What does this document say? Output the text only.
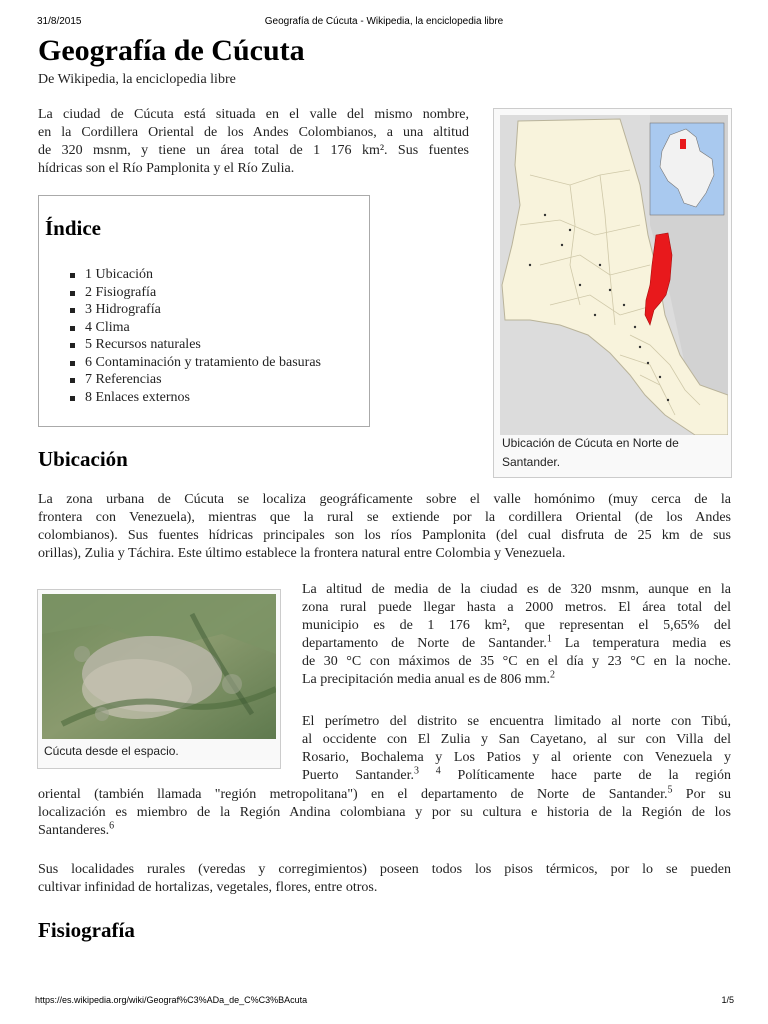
31/8/2015	Geografía de Cúcuta - Wikipedia, la enciclopedia libre
Geografía de Cúcuta
De Wikipedia, la enciclopedia libre

La ciudad de Cúcuta está situada en el valle del mismo nombre,

en la Cordillera Oriental de los Andes Colombianos, a una altitud

de 320 msnm, y tiene un área total de 1 176 km². Sus fuentes

hídricas son el Río Pamplonita y el Río Zulia.

Índice
1 Ubicación
2 Fisiografía
3 Hidrografía
4 Clima
5 Recursos naturales
6 Contaminación y tratamiento de basuras
7 Referencias
8 Enlaces externos
Ubicación de Cúcuta en Norte de
Santander.
Ubicación

La zona urbana de Cúcuta se localiza geográficamente sobre el valle homónimo (muy cerca de la

frontera con Venezuela), mientras que la rural se extiende por la cordillera Oriental (de los Andes

colombianos). Sus fuentes hídricas principales son los ríos Pamplonita (del cual disfruta de 25 km de sus

orillas), Zulia y Táchira. Este último establece la frontera natural entre Colombia y Venezuela.

Cúcuta desde el espacio.

La altitud de media de la ciudad es de 320 msnm, aunque en la

zona rural puede llegar hasta a 2000 metros. El área total del

municipio es de 1 176 km², que representan el 5,65% del

departamento de Norte de Santander.$^1$ La temperatura media es

de 30 °C con máximos de 35 °C en el día y 23 °C en la noche.

La precipitación media anual es de 806 mm.$^2$

El perímetro del distrito se encuentra limitado al norte con Tibú,

al occidente con El Zulia y San Cayetano, al sur con Villa del

Rosario, Bochalema y Los Patios y al oriente con Venezuela y

Puerto Santander.$^3$ $^4$ Políticamente hace parte de la región

oriental (también llamada "región metropolitana") en el departamento de Norte de Santander.$^5$ Por su

localización es miembro de la Región Andina colombiana y por su cultura e historia de la Región de los

Santanderes.$^6$

Sus localidades rurales (veredas y corregimientos) poseen todos los pisos térmicos, por lo se pueden

cultivar infinidad de hortalizas, vegetales, flores, entre otros.

Fisiografía
https://es.wikipedia.org/wiki/Geograf%C3%ADa_de_C%C3%BAcuta	1/5
